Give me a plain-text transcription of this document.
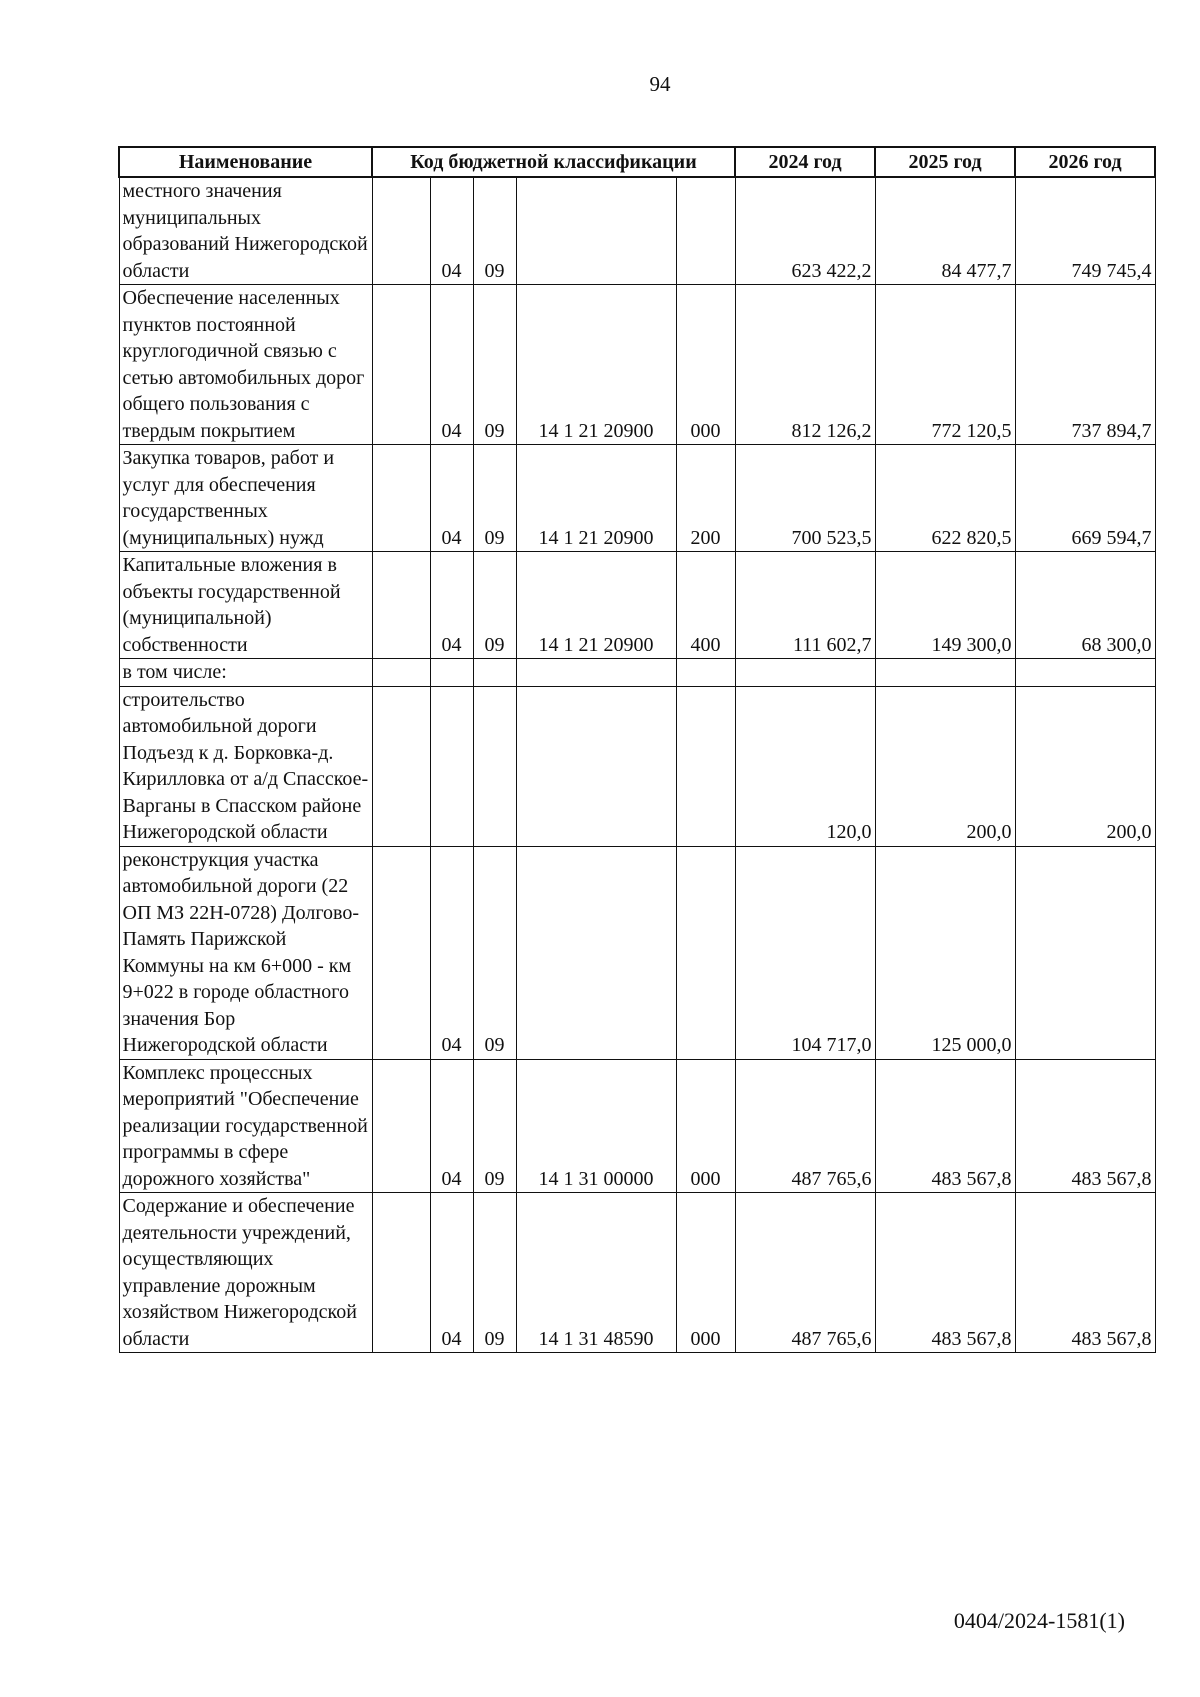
94
Наименование	Код бюджетной классификации					2024 год	2025 год	2026 год
местного значения муниципальных образований Нижегородской области		04	09			623 422,2	84 477,7	749 745,4
Обеспечение населенных пунктов постоянной круглогодичной связью с сетью автомобильных дорог общего пользования с твердым покрытием		04	09	14 1 21 20900	000	812 126,2	772 120,5	737 894,7
Закупка товаров, работ и услуг для обеспечения государственных (муниципальных) нужд		04	09	14 1 21 20900	200	700 523,5	622 820,5	669 594,7
Капитальные вложения в объекты государственной (муниципальной) собственности		04	09	14 1 21 20900	400	111 602,7	149 300,0	68 300,0
в том числе:								
строительство автомобильной дороги Подъезд к д. Борковка-д. Кирилловка от а/д Спасское-Варганы в Спасском районе Нижегородской области						120,0	200,0	200,0
реконструкция участка автомобильной дороги (22 ОП МЗ 22Н-0728) Долгово-Память Парижской Коммуны на км 6+000 - км 9+022 в городе областного значения Бор Нижегородской области		04	09			104 717,0	125 000,0	
Комплекс процессных мероприятий "Обеспечение реализации государственной программы в сфере дорожного хозяйства"		04	09	14 1 31 00000	000	487 765,6	483 567,8	483 567,8
Содержание и обеспечение деятельности учреждений, осуществляющих управление дорожным хозяйством Нижегородской области		04	09	14 1 31 48590	000	487 765,6	483 567,8	483 567,8
0404/2024-1581(1)
